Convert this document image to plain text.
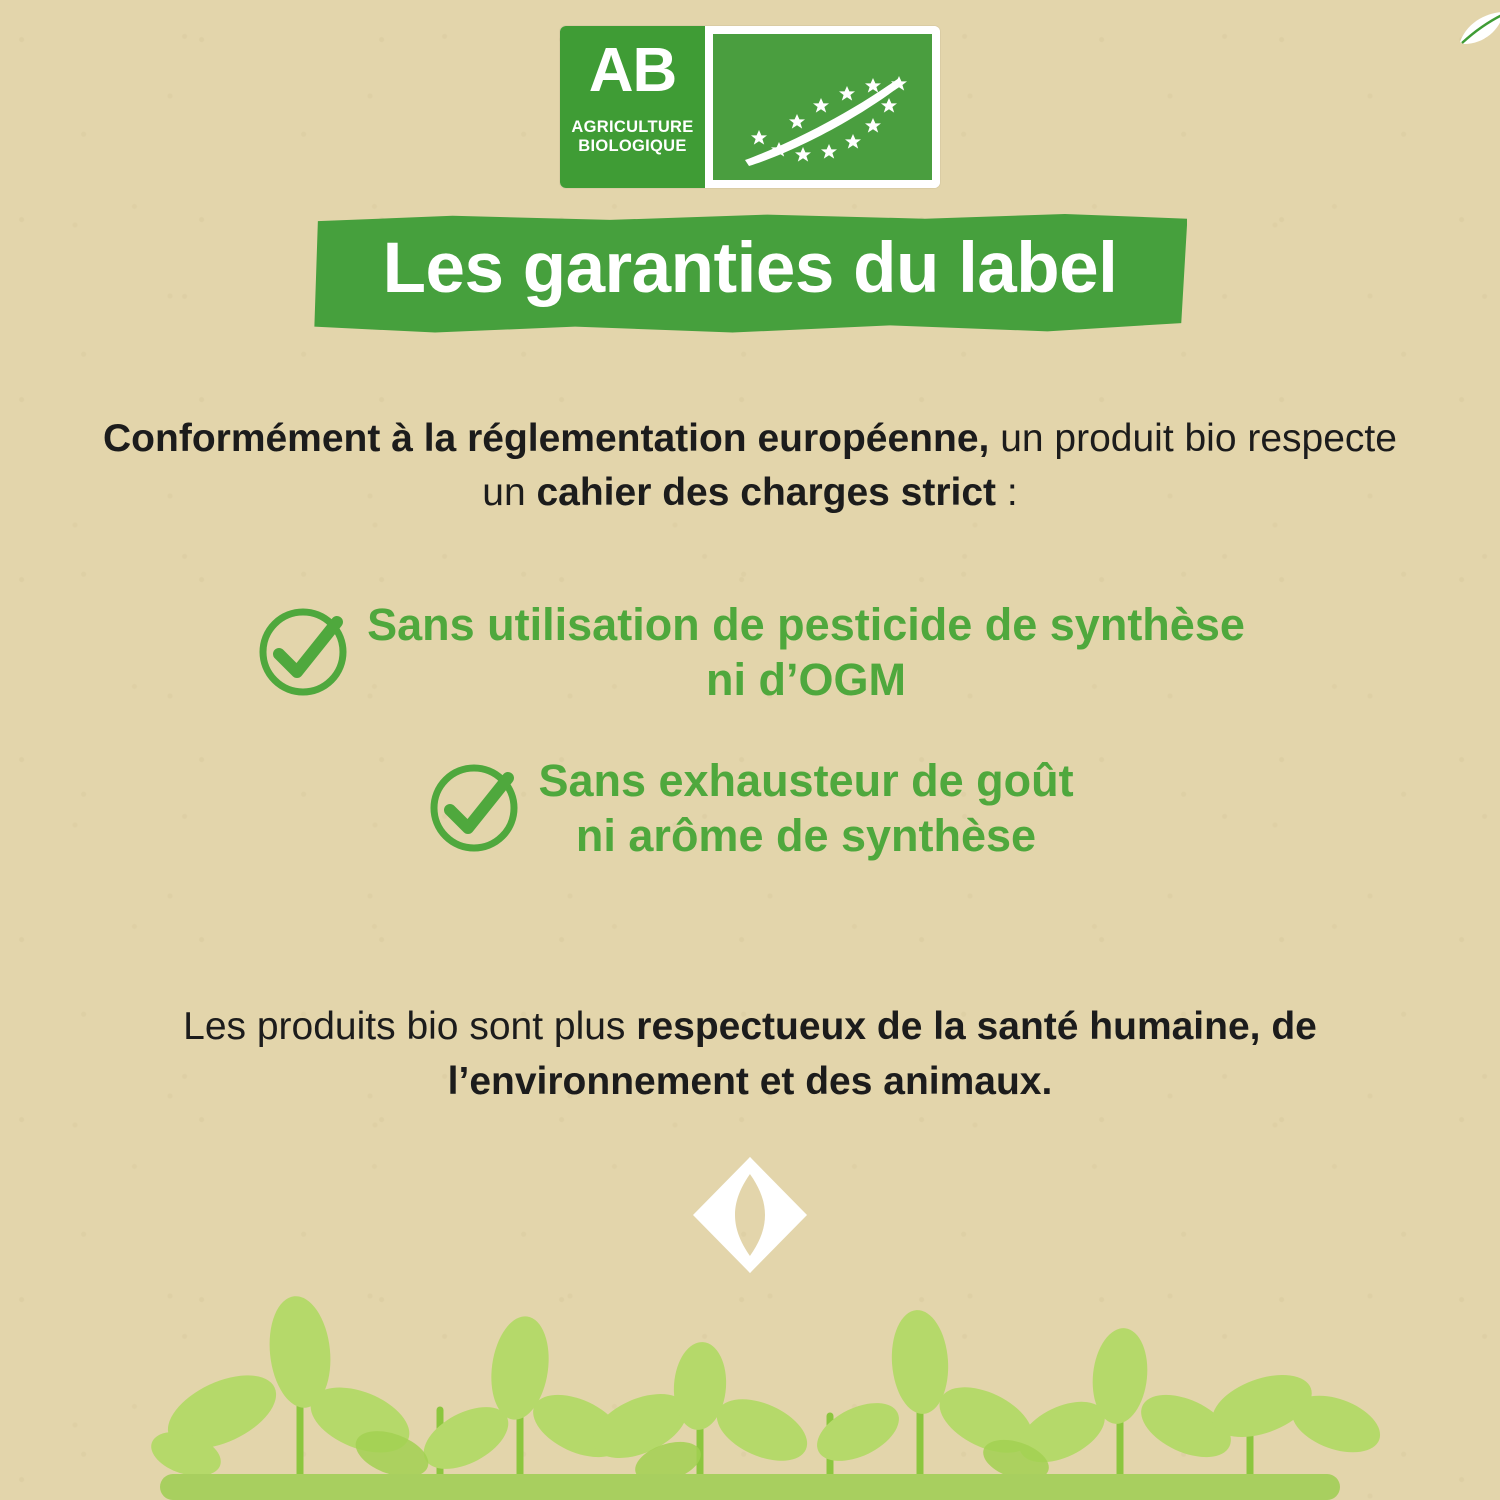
AB
AGRICULTURE
BIOLOGIQUE
Les garanties du label
Conformément à la réglementation européenne, un produit bio respecte un cahier des charges strict :
Sans utilisation de pesticide de synthèse
ni d’OGM
Sans exhausteur de goût
ni arôme de synthèse
Les produits bio sont plus respectueux de la santé humaine, de l’environnement et des animaux.
